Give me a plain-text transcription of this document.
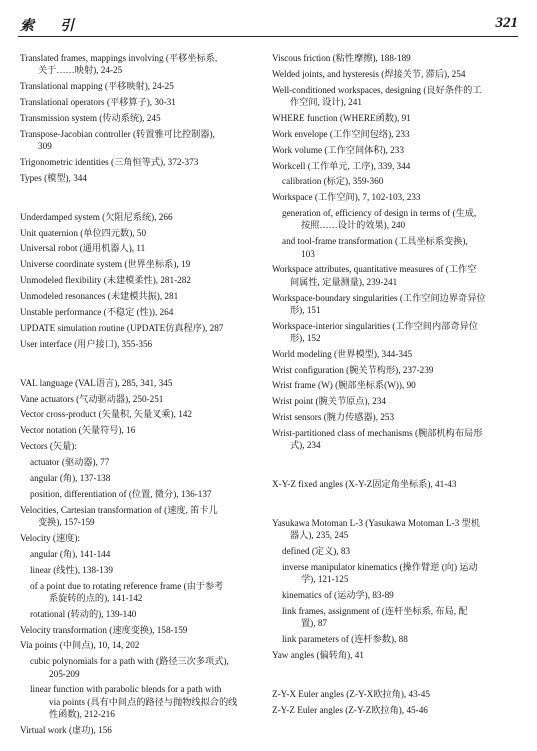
索　引	321
Translated frames, mappings involving (平移坐标系,
关于……映射), 24-25
Translational mapping (平移映射), 24-25
Translational operators (平移算子), 30-31
Transmission system (传动系统), 245
Transpose-Jacobian controller (转置雅可比控制器),
309
Trigonometric identities (三角恒等式), 372-373
Types (模型), 344
Underdamped system (欠阻尼系统), 266
Unit quaternion (单位四元数), 50
Universal robot (通用机器人), 11
Universe coordinate system (世界坐标系), 19
Unmodeled flexibility (未建模柔性), 281-282
Unmodeled resonances (未建模共振), 281
Unstable performance (不稳定 (性)), 264
UPDATE simulation routine (UPDATE仿真程序), 287
User interface (用户接口), 355-356
VAL language (VAL语言), 285, 341, 345
Vane actuators (气动驱动器), 250-251
Vector cross-product (矢量积, 矢量叉乘), 142
Vector notation (矢量符号), 16
Vectors (矢量):
actuator (驱动器), 77
angular (角), 137-138
position, differentiation of (位置, 微分), 136-137
Velocities, Cartesian transformation of (速度, 笛卡儿
变换), 157-159
Velocity (速度):
angular (角), 141-144
linear (线性), 138-139
of a point due to rotating reference frame (由于参考
系旋转的点的), 141-142
rotational (转动的), 139-140
Velocity transformation (速度变换), 158-159
Via points (中间点), 10, 14, 202
cubic polynomials for a path with (路径三次多项式),
205-209
linear function with parabolic blends for a path with
via points (具有中间点的路径与抛物线拟合的线
性函数), 212-216
Virtual work (虚功), 156
Viscous friction (粘性摩擦), 188-189
Welded joints, and hysteresis (焊接关节, 滞后), 254
Well-conditioned workspaces, designing (良好条件的工
作空间, 设计), 241
WHERE function (WHERE函数), 91
Work envelope (工作空间包络), 233
Work volume (工作空间体积), 233
Workcell (工作单元, 工序), 339, 344
calibration (标定), 359-360
Workspace (工作空间), 7, 102-103, 233
generation of, efficiency of design in terms of (生成,
按照……设计的效果), 240
and tool-frame transformation (工具坐标系变换),
103
Workspace attributes, quantitative measures of (工作空
间属性, 定量测量), 239-241
Workspace-boundary singularities (工作空间边界奇异位
形), 151
Workspace-interior singularities (工作空间内部奇异位
形), 152
World modeling (世界模型), 344-345
Wrist configuration (腕关节构形), 237-239
Wrist frame (W) (腕部坐标系(W)), 90
Wrist point (腕关节原点), 234
Wrist sensors (腕力传感器), 253
Wrist-partitioned class of mechanisms (腕部机构布局形
式), 234
X-Y-Z fixed angles (X-Y-Z固定角坐标系), 41-43
Yasukawa Motoman L-3 (Yasukawa Motoman L-3 型机
器人), 235, 245
defined (定义), 83
inverse manipulator kinematics (操作臂逆 (向) 运动
学), 121-125
kinematics of (运动学), 83-89
link frames, assignment of (连杆坐标系, 布局, 配
置), 87
link parameters of (连杆参数), 88
Yaw angles (偏转角), 41
Z-Y-X Euler angles (Z-Y-X欧拉角), 43-45
Z-Y-Z Euler angles (Z-Y-Z欧拉角), 45-46
